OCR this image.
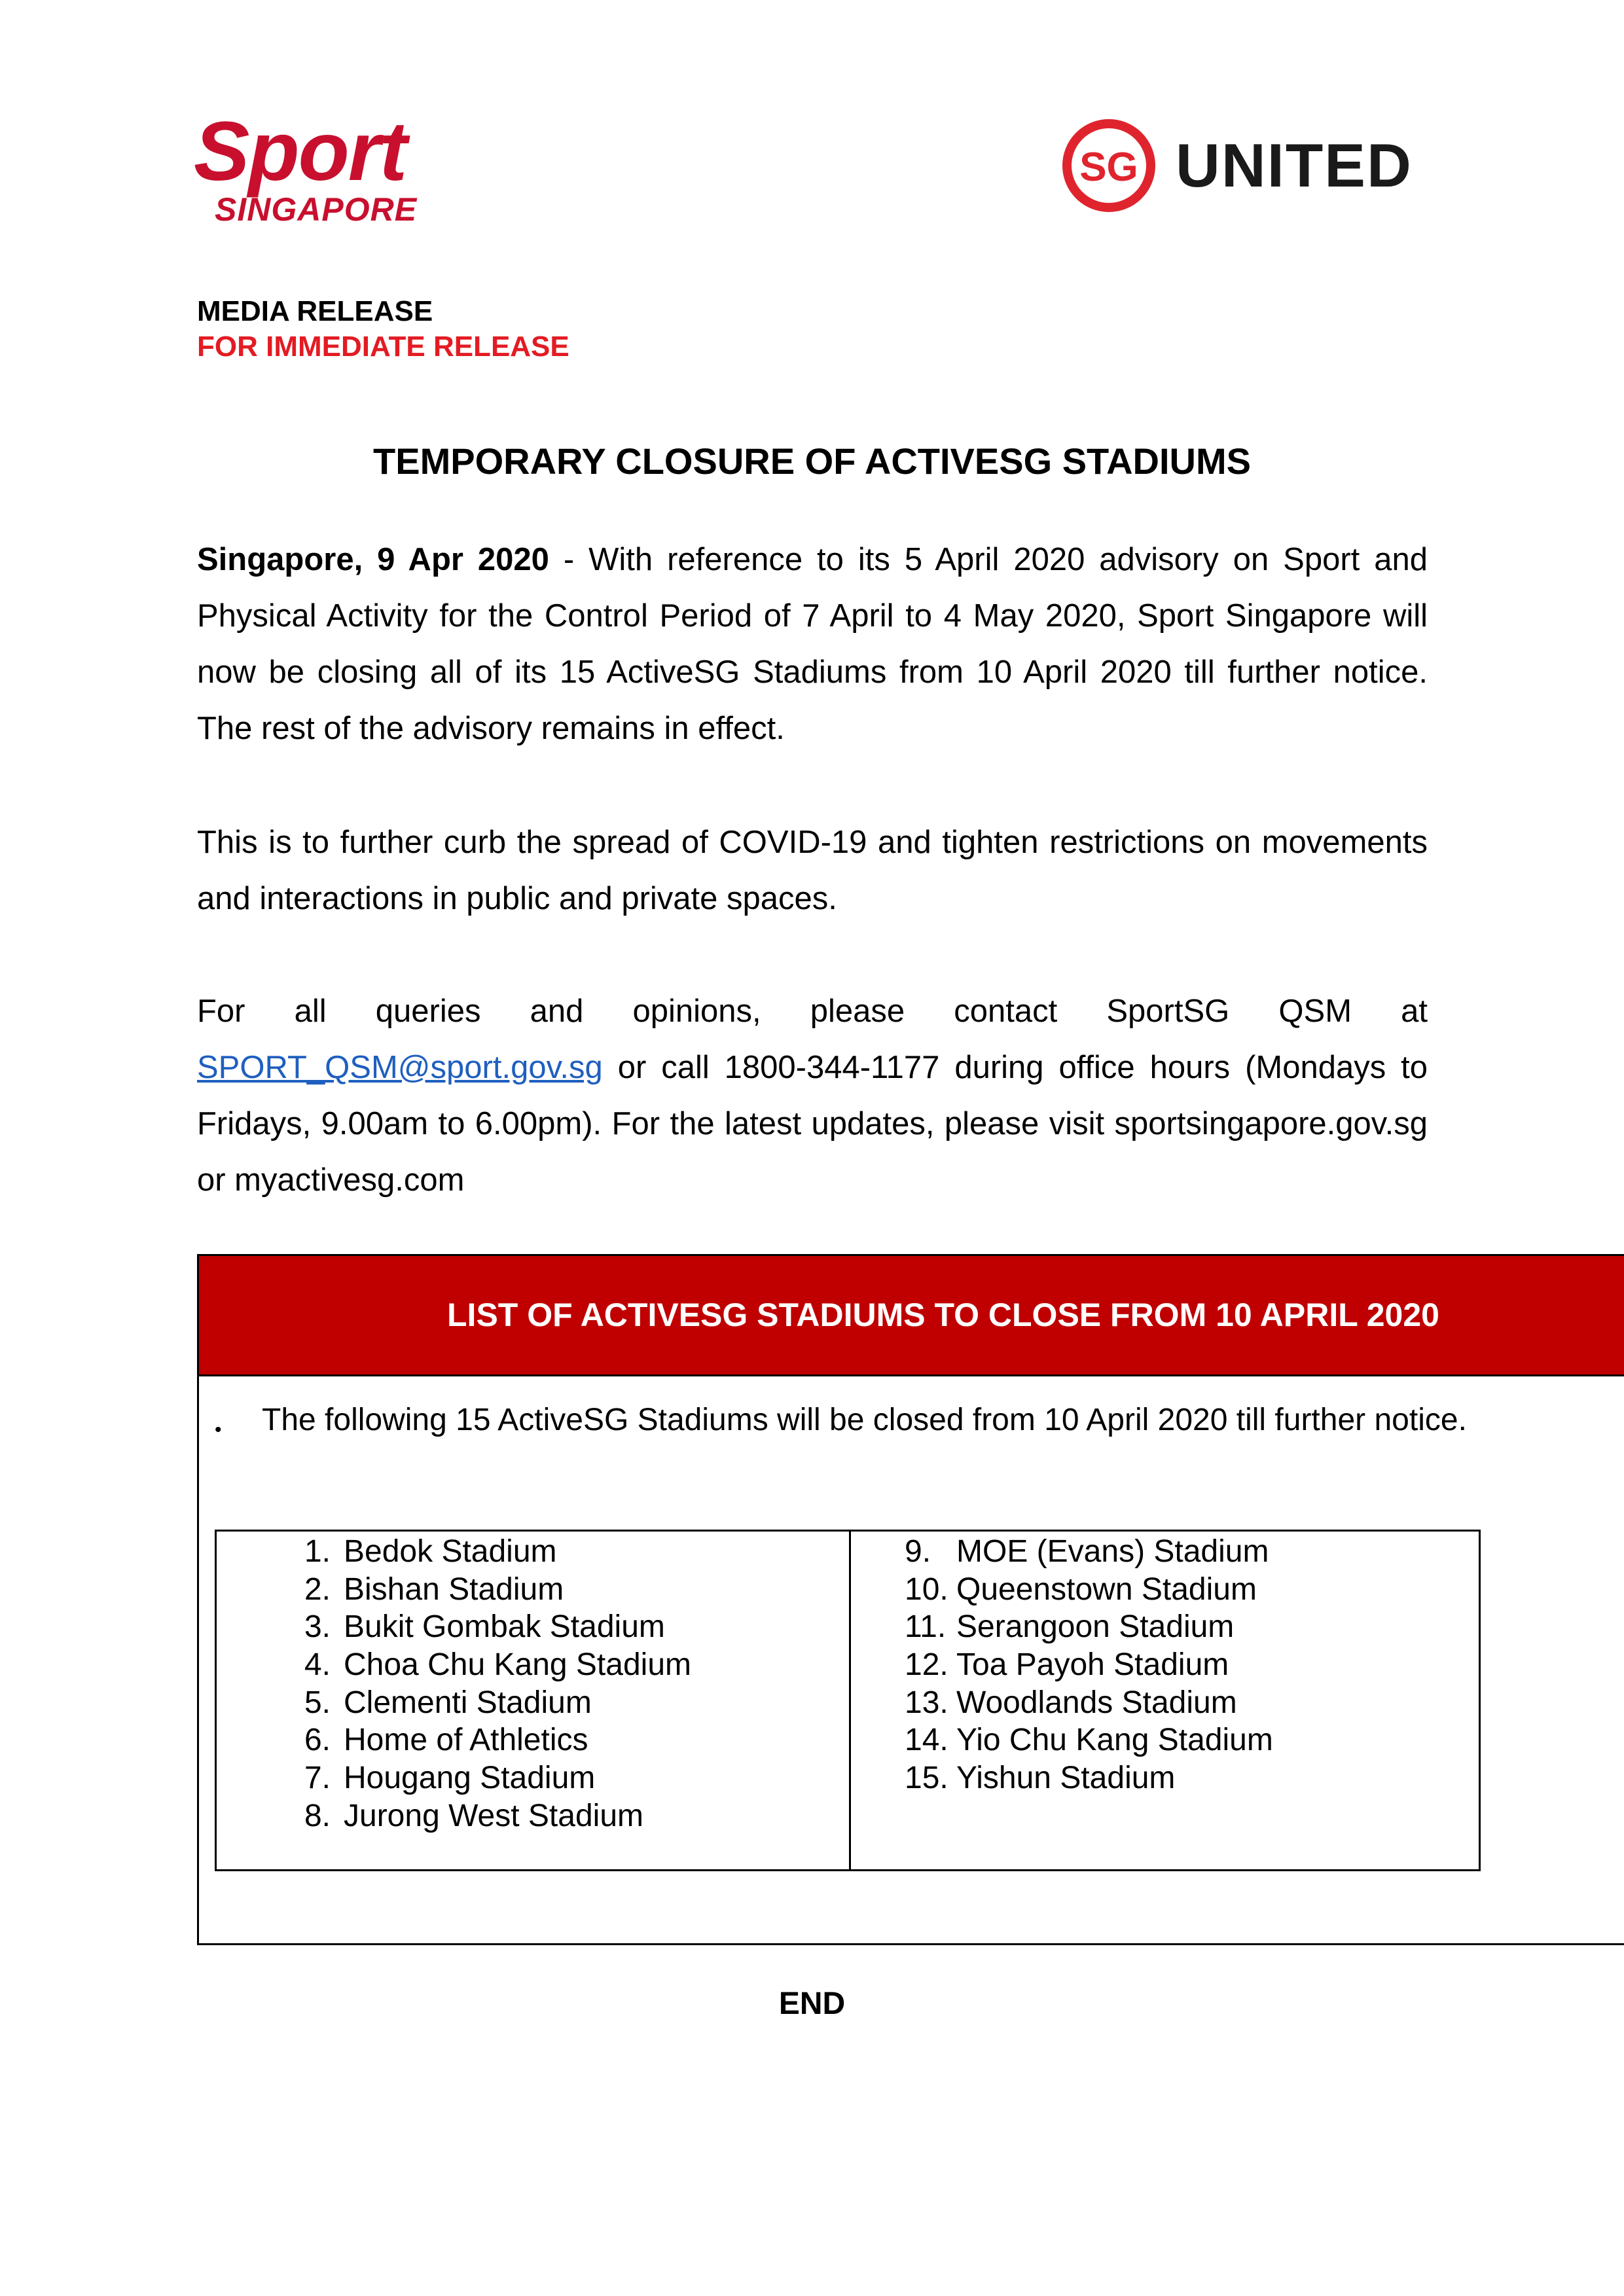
Sport
SINGAPORE
SG UNITED
MEDIA RELEASE
FOR IMMEDIATE RELEASE
TEMPORARY CLOSURE OF ACTIVESG STADIUMS
Singapore, 9 Apr 2020 - With reference to its 5 April 2020 advisory on Sport and Physical Activity for the Control Period of 7 April to 4 May 2020, Sport Singapore will now be closing all of its 15 ActiveSG Stadiums from 10 April 2020 till further notice. The rest of the advisory remains in effect.
This is to further curb the spread of COVID-19 and tighten restrictions on movements and interactions in public and private spaces.
For all queries and opinions, please contact SportSG QSM at SPORT_QSM@sport.gov.sg or call 1800-344-1177 during office hours (Mondays to Fridays, 9.00am to 6.00pm). For the latest updates, please visit sportsingapore.gov.sg or myactivesg.com
LIST OF ACTIVESG STADIUMS TO CLOSE FROM 10 APRIL 2020
• The following 15 ActiveSG Stadiums will be closed from 10 April 2020 till further notice.
1. Bedok Stadium
2. Bishan Stadium
3. Bukit Gombak Stadium
4. Choa Chu Kang Stadium
5. Clementi Stadium
6. Home of Athletics
7. Hougang Stadium
8. Jurong West Stadium
9.MOE (Evans) Stadium
10. Queenstown Stadium
11. Serangoon Stadium
12. Toa Payoh Stadium
13. Woodlands Stadium
14. Yio Chu Kang Stadium
15. Yishun Stadium
END
